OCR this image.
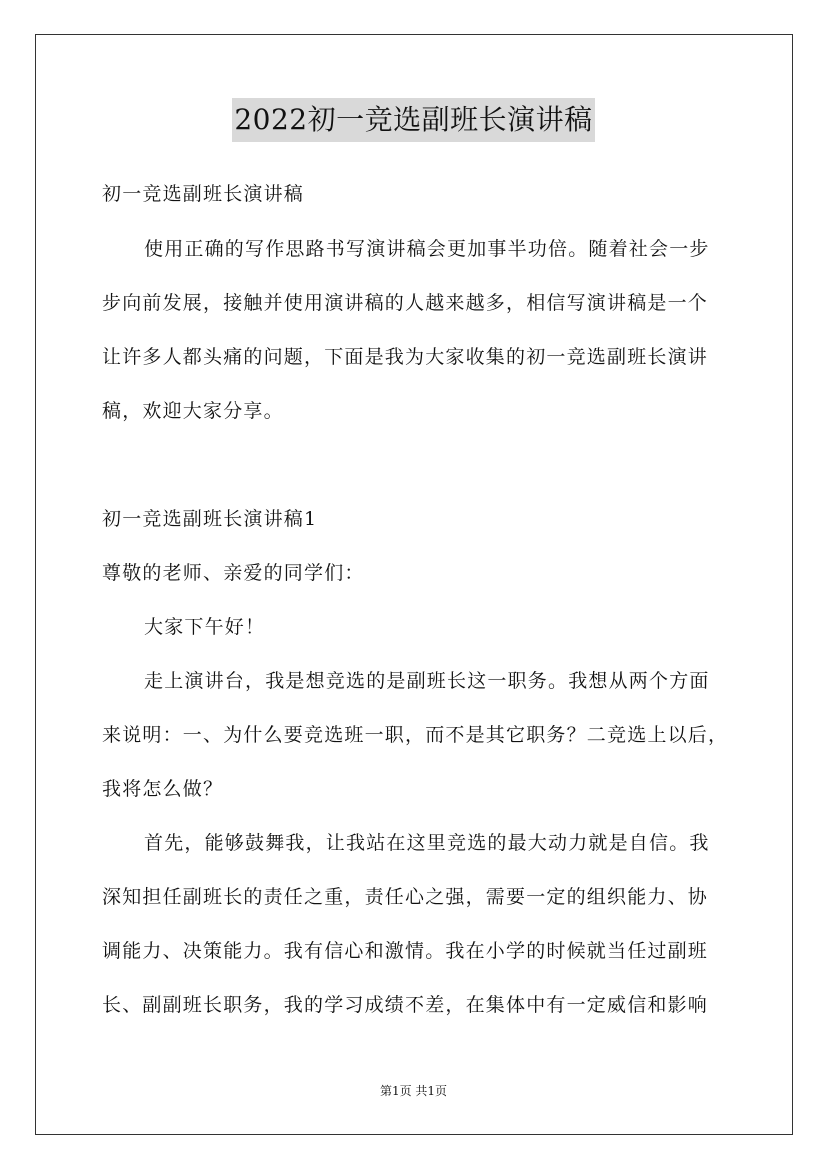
2022初一竞选副班长演讲稿
初一竞选副班长演讲稿
使用正确的写作思路书写演讲稿会更加事半功倍。随着社会一步
步向前发展，接触并使用演讲稿的人越来越多，相信写演讲稿是一个
让许多人都头痛的问题，下面是我为大家收集的初一竞选副班长演讲
稿，欢迎大家分享。
初一竞选副班长演讲稿1
尊敬的老师、亲爱的同学们：
大家下午好！
走上演讲台，我是想竞选的是副班长这一职务。我想从两个方面
来说明：一、为什么要竞选班一职，而不是其它职务？二竞选上以后，
我将怎么做？
首先，能够鼓舞我，让我站在这里竞选的最大动力就是自信。我
深知担任副班长的责任之重，责任心之强，需要一定的组织能力、协
调能力、决策能力。我有信心和激情。我在小学的时候就当任过副班
长、副副班长职务，我的学习成绩不差，在集体中有一定威信和影响
第1页 共1页
